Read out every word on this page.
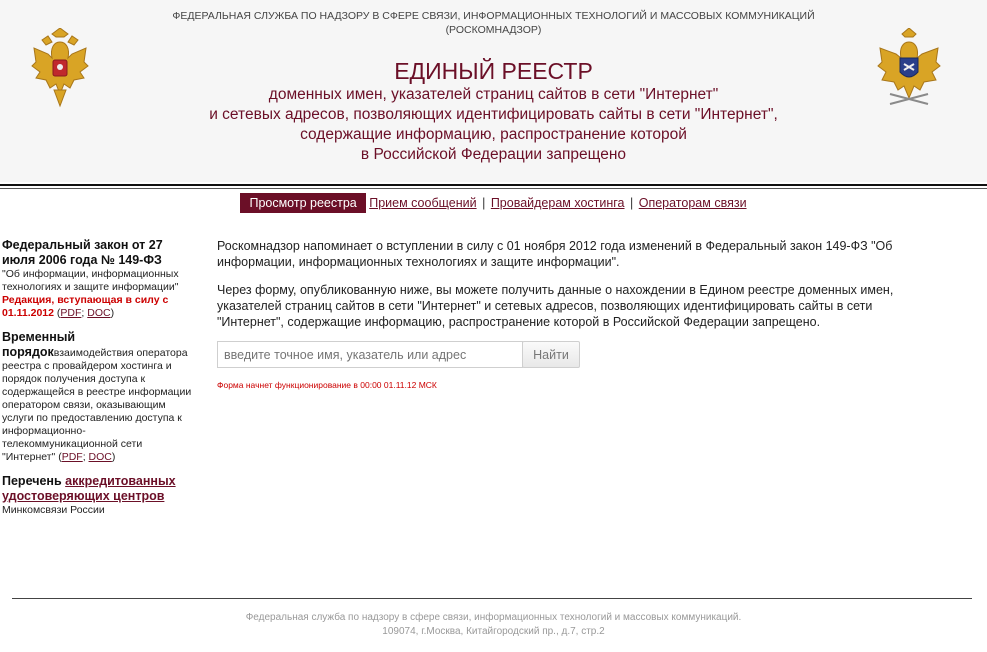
ФЕДЕРАЛЬНАЯ СЛУЖБА ПО НАДЗОРУ В СФЕРЕ СВЯЗИ, ИНФОРМАЦИОННЫХ ТЕХНОЛОГИЙ И МАССОВЫХ КОММУНИКАЦИЙ
(РОСКОМНАДЗОР)
ЕДИНЫЙ РЕЕСТР
доменных имен, указателей страниц сайтов в сети "Интернет"
и сетевых адресов, позволяющих идентифицировать сайты в сети "Интернет",
содержащие информацию, распространение которой
в Российской Федерации запрещено
Просмотр реестра Прием сообщений | Провайдерам хостинга | Операторам связи
Федеральный закон от 27 июля 2006 года № 149-ФЗ
"Об информации, информационных технологиях и защите информации"
Редакция, вступающая в силу с 01.11.2012 (PDF; DOC)
Временный порядоквзаимодействия оператора реестра с провайдером хостинга и порядок получения доступа к содержащейся в реестре информации оператором связи, оказывающим услуги по предоставлению доступа к информационно-телекоммуникационной сети "Интернет" (PDF; DOC)
Перечень аккредитованных удостоверяющих центров
Минкомсвязи России

Роскомнадзор напоминает о вступлении в силу с 01 ноября 2012 года изменений в Федеральный закон 149-ФЗ "Об информации, информационных технологиях и защите информации".

Через форму, опубликованную ниже, вы можете получить данные о нахождении в Едином реестре доменных имен, указателей страниц сайтов в сети "Интернет" и сетевых адресов, позволяющих идентифицировать сайты в сети "Интернет", содержащие информацию, распространение которой в Российской Федерации запрещено.

введите точное имя, указатель или адрес
Найти
Форма начнет функционирование в 00:00 01.11.12 МСК
Федеральная служба по надзору в сфере связи, информационных технологий и массовых коммуникаций.
109074, г.Москва, Китайгородский пр., д.7, стр.2
